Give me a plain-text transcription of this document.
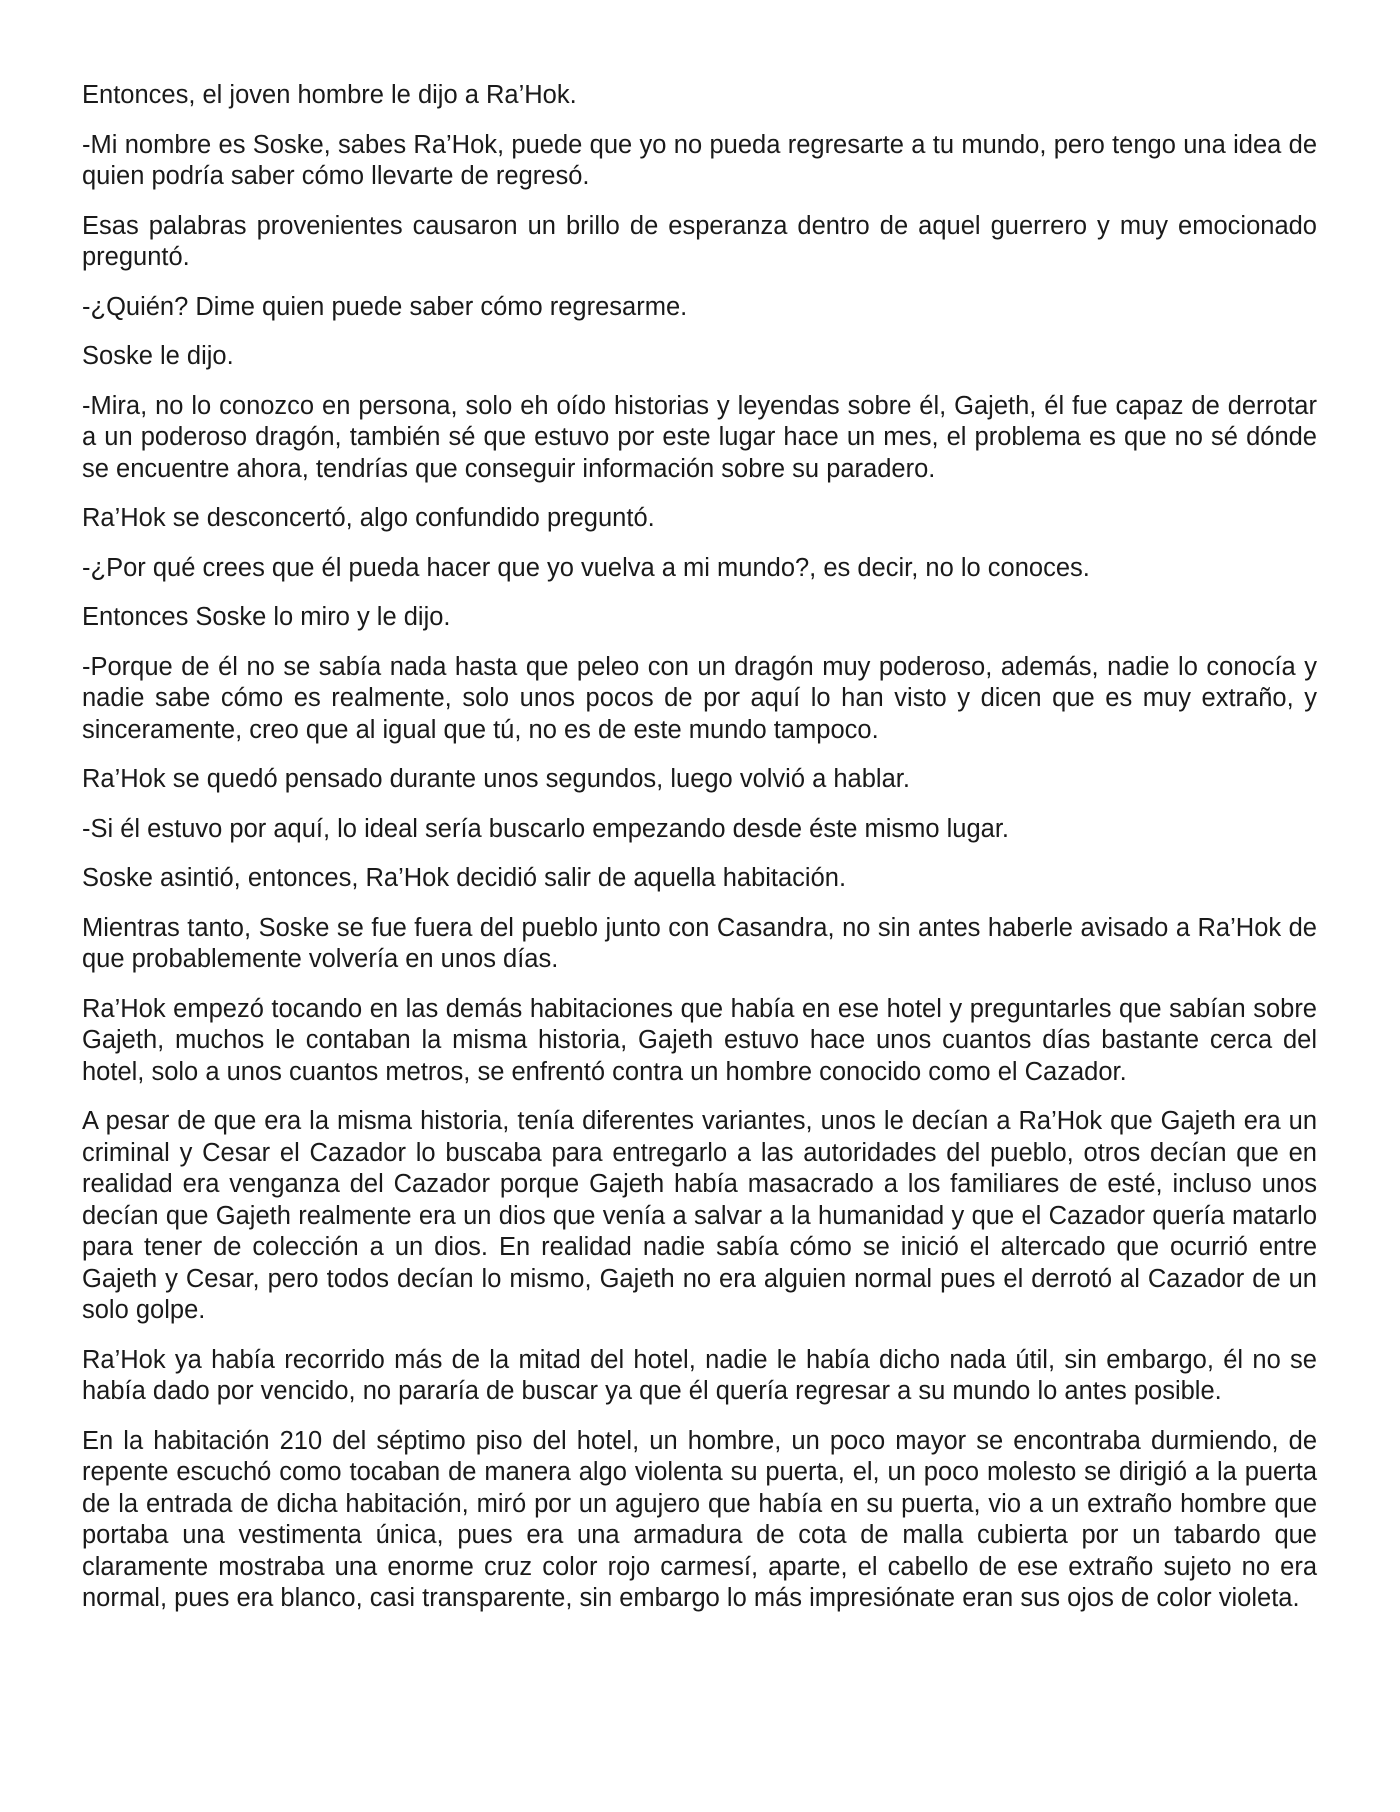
Entonces, el joven hombre le dijo a Ra’Hok.

-Mi nombre es Soske, sabes Ra’Hok, puede que yo no pueda regresarte a tu mundo, pero tengo una idea de quien podría saber cómo llevarte de regresó.

Esas palabras provenientes causaron un brillo de esperanza dentro de aquel guerrero y muy emocionado preguntó.

-¿Quién? Dime quien puede saber cómo regresarme.

Soske le dijo.

-Mira, no lo conozco en persona, solo eh oído historias y leyendas sobre él, Gajeth, él fue capaz de derrotar a un poderoso dragón, también sé que estuvo por este lugar hace un mes, el problema es que no sé dónde se encuentre ahora, tendrías que conseguir información sobre su paradero.

Ra’Hok se desconcertó, algo confundido preguntó.

-¿Por qué crees que él pueda hacer que yo vuelva a mi mundo?, es decir, no lo conoces.

Entonces Soske lo miro y le dijo.

-Porque de él no se sabía nada hasta que peleo con un dragón muy poderoso, además, nadie lo conocía y nadie sabe cómo es realmente, solo unos pocos de por aquí lo han visto y dicen que es muy extraño, y sinceramente, creo que al igual que tú, no es de este mundo tampoco.

Ra’Hok se quedó pensado durante unos segundos, luego volvió a hablar.

-Si él estuvo por aquí, lo ideal sería buscarlo empezando desde éste mismo lugar.

Soske asintió, entonces, Ra’Hok decidió salir de aquella habitación.

Mientras tanto, Soske se fue fuera del pueblo junto con Casandra, no sin antes haberle avisado a Ra’Hok de que probablemente volvería en unos días.

Ra’Hok empezó tocando en las demás habitaciones que había en ese hotel y preguntarles que sabían sobre Gajeth, muchos le contaban la misma historia, Gajeth estuvo hace unos cuantos días bastante cerca del hotel, solo a unos cuantos metros, se enfrentó contra un hombre conocido como el Cazador.

A pesar de que era la misma historia, tenía diferentes variantes, unos le decían a Ra’Hok que Gajeth era un criminal y Cesar el Cazador lo buscaba para entregarlo a las autoridades del pueblo, otros decían que en realidad era venganza del Cazador porque Gajeth había masacrado a los familiares de esté, incluso unos decían que Gajeth realmente era un dios que venía a salvar a la humanidad y que el Cazador quería matarlo para tener de colección a un dios. En realidad nadie sabía cómo se inició el altercado que ocurrió entre Gajeth y Cesar, pero todos decían lo mismo, Gajeth no era alguien normal pues el derrotó al Cazador de un solo golpe.

Ra’Hok ya había recorrido más de la mitad del hotel, nadie le había dicho nada útil, sin embargo, él no se había dado por vencido, no pararía de buscar ya que él quería regresar a su mundo lo antes posible.

En la habitación 210 del séptimo piso del hotel, un hombre, un poco mayor se encontraba durmiendo, de repente escuchó como tocaban de manera algo violenta su puerta, el, un poco molesto se dirigió a la puerta de la entrada de dicha habitación, miró por un agujero que había en su puerta, vio a un extraño hombre que portaba una vestimenta única, pues era una armadura de cota de malla cubierta por un tabardo que claramente mostraba una enorme cruz color rojo carmesí, aparte, el cabello de ese extraño sujeto no era normal, pues era blanco, casi transparente, sin embargo lo más impresiónate eran sus ojos de color violeta.
